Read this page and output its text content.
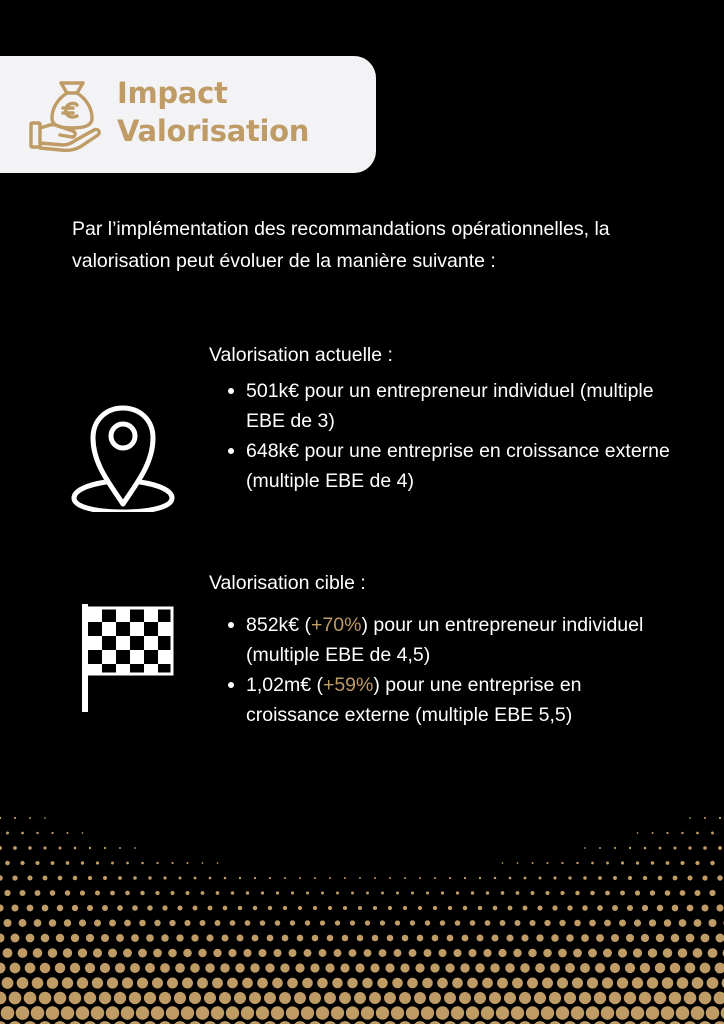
Impact
Valorisation

Par l’implémentation des recommandations opérationnelles, la valorisation peut évoluer de la manière suivante :

Valorisation actuelle :

501k€ pour un entrepreneur individuel (multiple EBE de 3)
648k€ pour une entreprise en croissance externe (multiple EBE de 4)

Valorisation cible :

852k€ (+70%) pour un entrepreneur individuel (multiple EBE de 4,5)
1,02m€ (+59%) pour une entreprise en croissance externe (multiple EBE 5,5)
